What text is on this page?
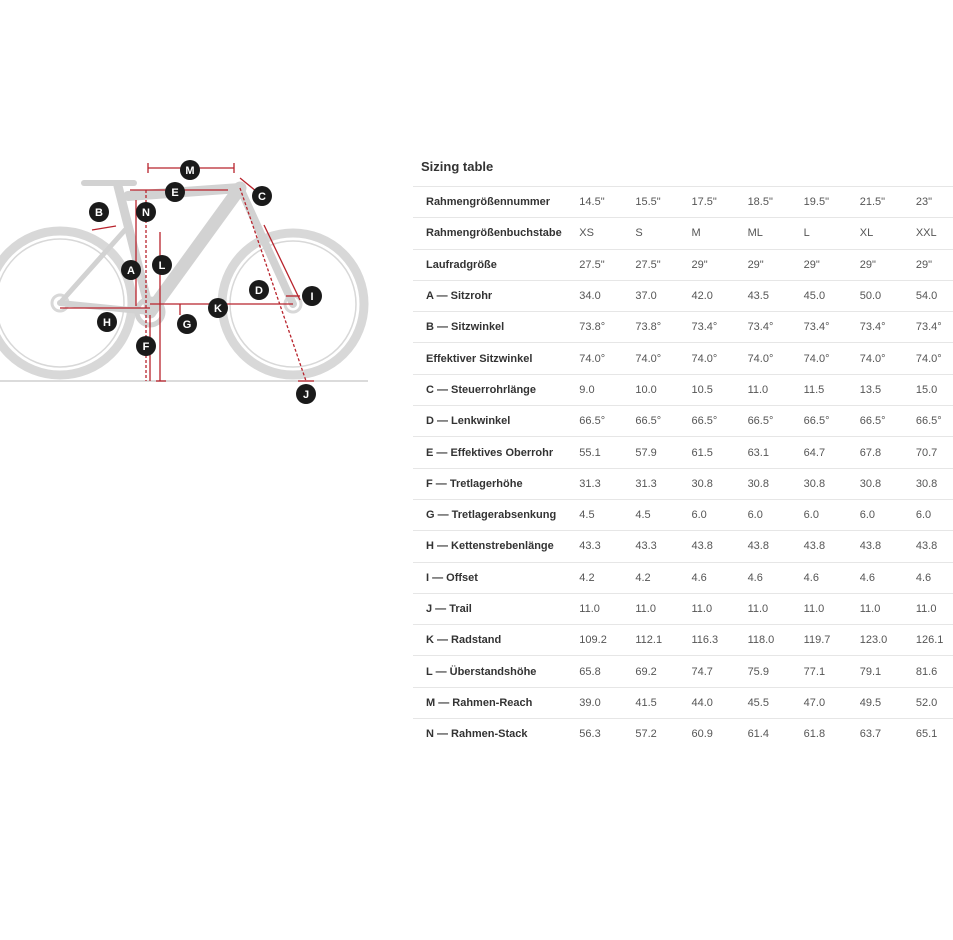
M
E	C
B	N
A L
D	I
K
H	G
F
J
Sizing table
Rahmengrößennummer	14.5"	15.5"	17.5"	18.5"	19.5"	21.5"	23"
Rahmengrößenbuchstabe	XS	S	M	ML	L	XL	XXL
Laufradgröße	27.5"	27.5"	29"	29"	29"	29"	29"
A — Sitzrohr	34.0	37.0	42.0	43.5	45.0	50.0	54.0
B — Sitzwinkel	73.8°	73.8°	73.4°	73.4°	73.4°	73.4°	73.4°
Effektiver Sitzwinkel	74.0°	74.0°	74.0°	74.0°	74.0°	74.0°	74.0°
C — Steuerrohrlänge	9.0	10.0	10.5	11.0	11.5	13.5	15.0
D — Lenkwinkel	66.5°	66.5°	66.5°	66.5°	66.5°	66.5°	66.5°
E — Effektives Oberrohr	55.1	57.9	61.5	63.1	64.7	67.8	70.7
F — Tretlagerhöhe	31.3	31.3	30.8	30.8	30.8	30.8	30.8
G — Tretlagerabsenkung	4.5	4.5	6.0	6.0	6.0	6.0	6.0
H — Kettenstrebenlänge	43.3	43.3	43.8	43.8	43.8	43.8	43.8
I — Offset	4.2	4.2	4.6	4.6	4.6	4.6	4.6
J — Trail	11.0	11.0	11.0	11.0	11.0	11.0	11.0
K — Radstand	109.2	112.1	116.3	118.0	119.7	123.0	126.1
L — Überstandshöhe	65.8	69.2	74.7	75.9	77.1	79.1	81.6
M — Rahmen-Reach	39.0	41.5	44.0	45.5	47.0	49.5	52.0
N — Rahmen-Stack	56.3	57.2	60.9	61.4	61.8	63.7	65.1
